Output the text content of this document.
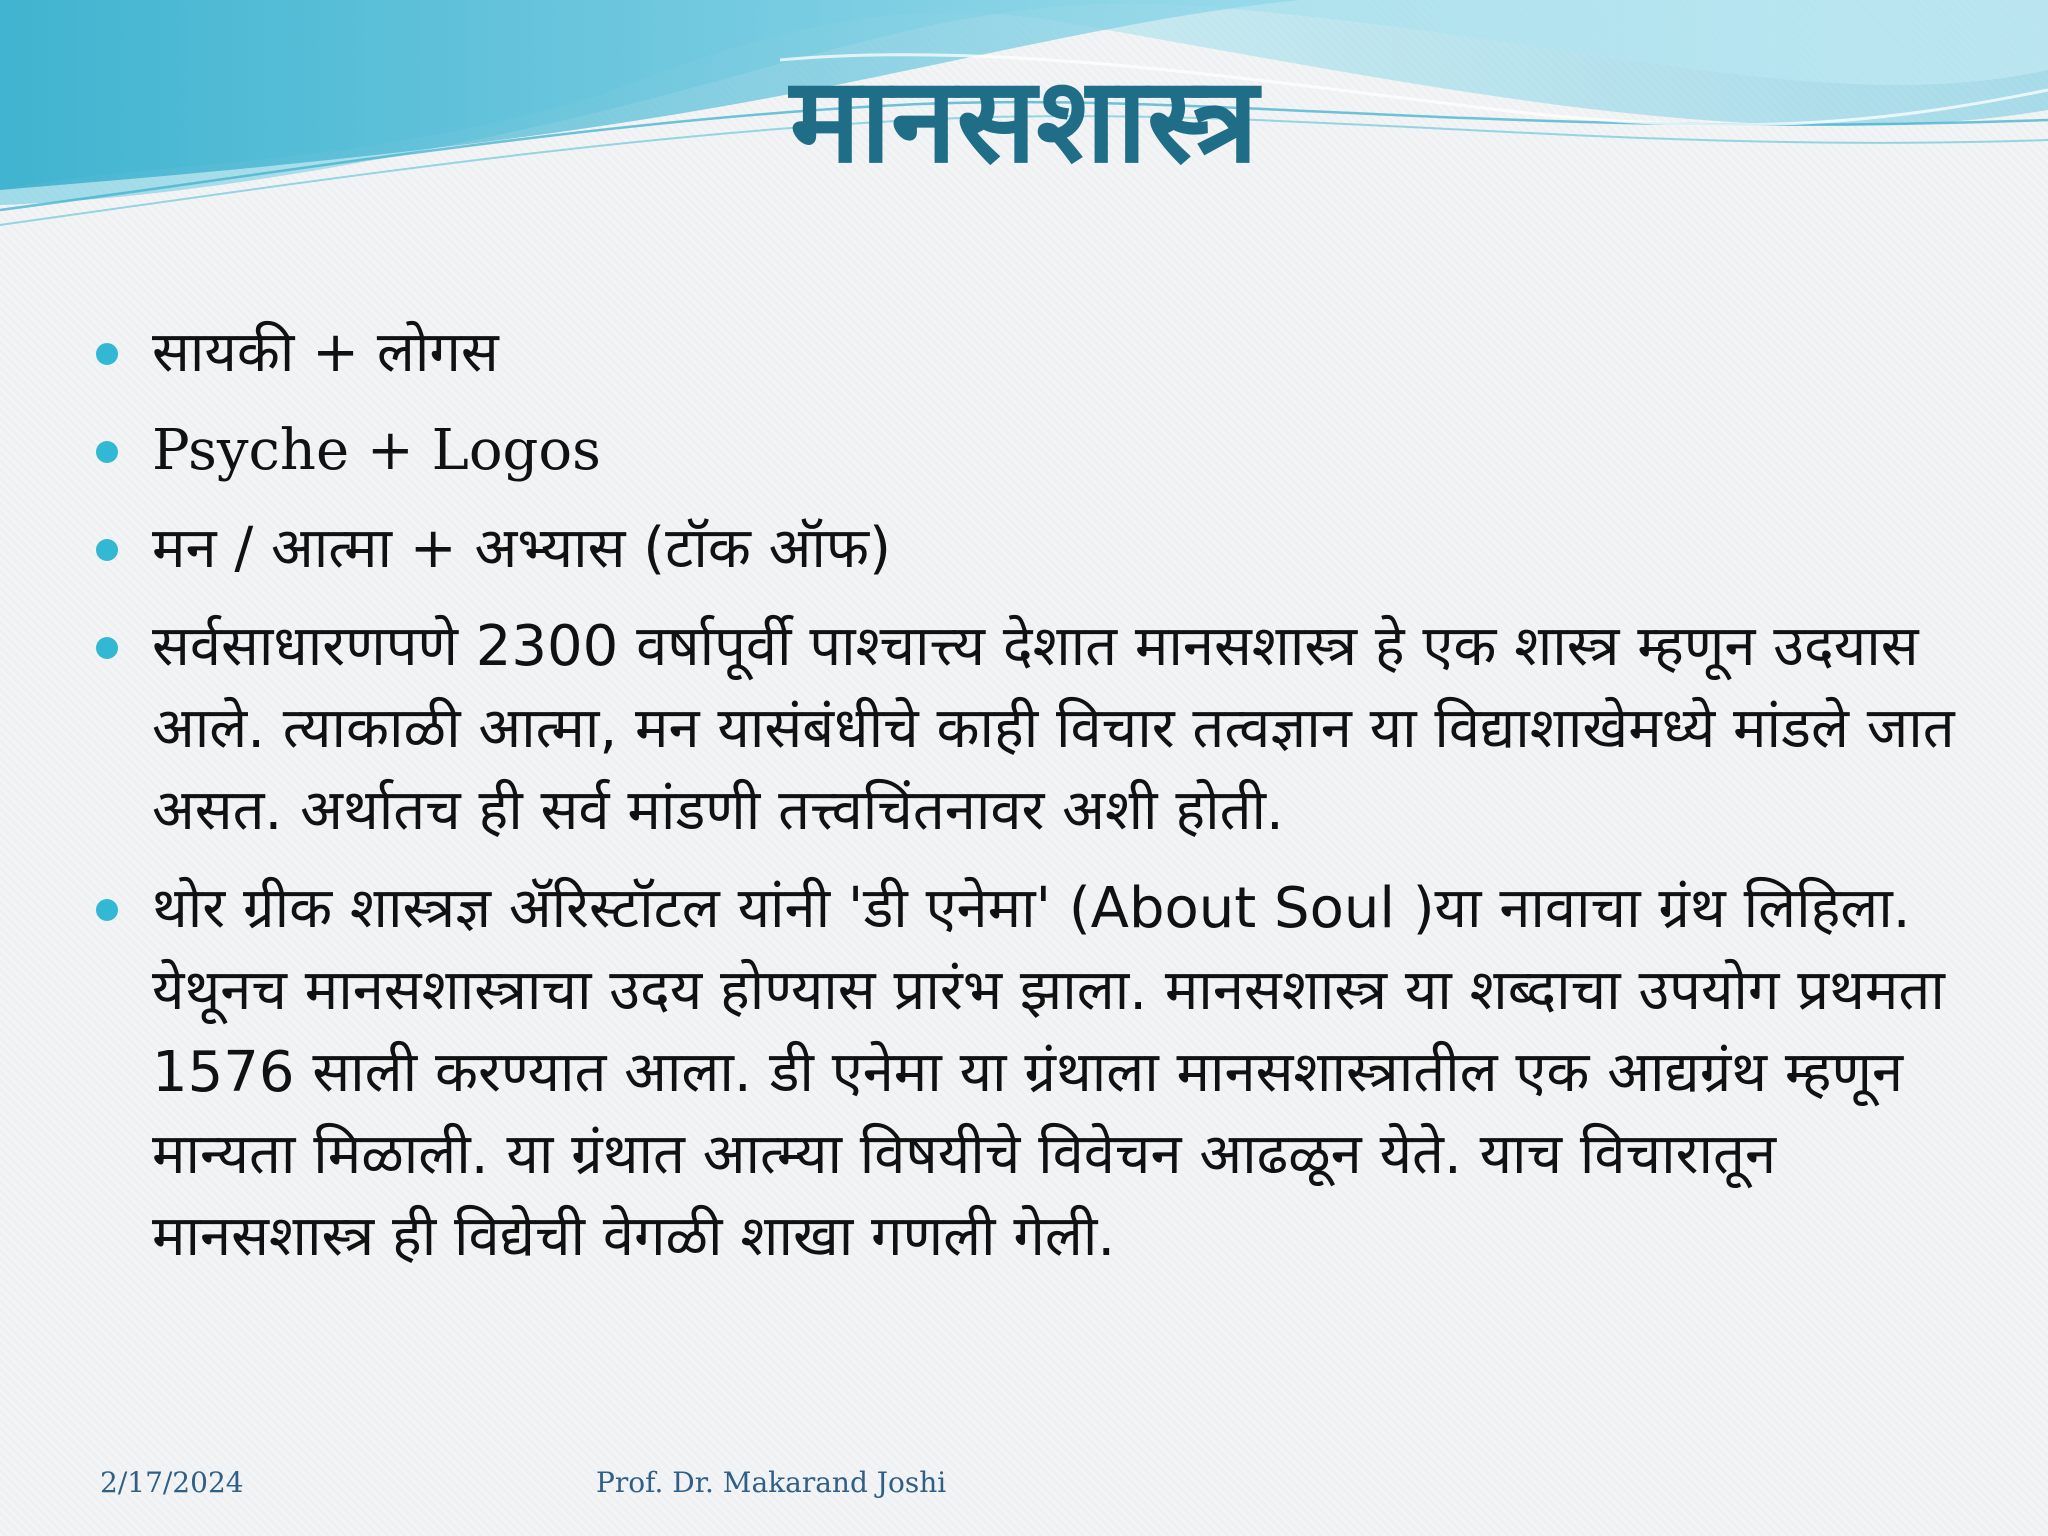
मानसशास्त्र
सायकी + लोगस
Psyche + Logos
मन / आत्मा + अभ्यास (टॉक ऑफ)
सर्वसाधारणपणे 2300 वर्षापूर्वी पाश्चात्त्य देशात मानसशास्त्र हे एक शास्त्र म्हणून उदयास आले. त्याकाळी आत्मा, मन यासंबंधीचे काही विचार तत्वज्ञान या विद्याशाखेमध्ये मांडले जात असत. अर्थातच ही सर्व मांडणी तत्त्वचिंतनावर अशी होती.
थोर ग्रीक शास्त्रज्ञ ॲरिस्टॉटल यांनी 'डी एनेमा' (About Soul )या नावाचा ग्रंथ लिहिला. येथूनच मानसशास्त्राचा उदय होण्यास प्रारंभ झाला. मानसशास्त्र या शब्दाचा उपयोग प्रथमता 1576 साली करण्यात आला. डी एनेमा या ग्रंथाला मानसशास्त्रातील एक आद्यग्रंथ म्हणून मान्यता मिळाली. या ग्रंथात आत्म्या विषयीचे विवेचन आढळून येते. याच विचारातून मानसशास्त्र ही विद्येची वेगळी शाखा गणली गेली.
2/17/2024	Prof. Dr. Makarand Joshi
